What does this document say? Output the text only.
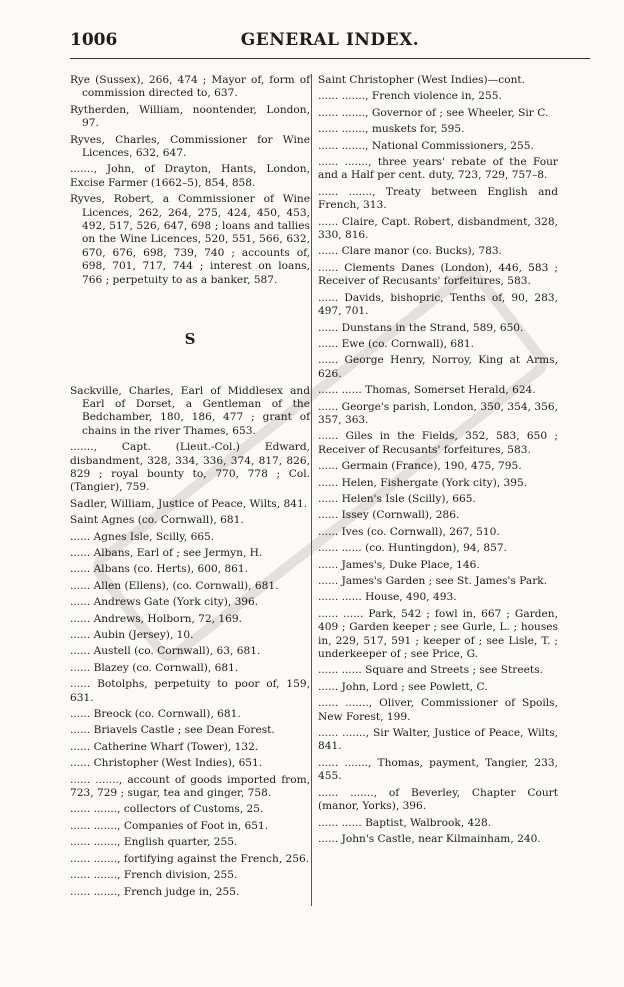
1006	GENERAL INDEX.
Rye (Sussex), 266, 474 ; Mayor of, form of commission directed to, 637.
Rytherden, William, noontender, London, 97.
Ryves, Charles, Commissioner for Wine Licences, 632, 647.
......., John, of Drayton, Hants, London, Excise Farmer (1662–5), 854, 858.
Ryves, Robert, a Commissioner of Wine Licences, 262, 264, 275, 424, 450, 453, 492, 517, 526, 647, 698 ; loans and tallies on the Wine Licences, 520, 551, 566, 632, 670, 676, 698, 739, 740 ; accounts of, 698, 701, 717, 744 ; interest on loans, 766 ; perpetuity to as a banker, 587.
S
Sackville, Charles, Earl of Middlesex and Earl of Dorset, a Gentleman of the Bedchamber, 180, 186, 477 ; grant of chains in the river Thames, 653.
......., Capt. (Lieut.-Col.) Edward, disbandment, 328, 334, 336, 374, 817, 826, 829 ; royal bounty to, 770, 778 ; Col. (Tangier), 759.
Sadler, William, Justice of Peace, Wilts, 841.
Saint Agnes (co. Cornwall), 681.
...... Agnes Isle, Scilly, 665.
...... Albans, Earl of ; see Jermyn, H.
...... Albans (co. Herts), 600, 861.
...... Allen (Ellens), (co. Cornwall), 681.
...... Andrews Gate (York city), 396.
...... Andrews, Holborn, 72, 169.
...... Aubin (Jersey), 10.
...... Austell (co. Cornwall), 63, 681.
...... Blazey (co. Cornwall), 681.
...... Botolphs, perpetuity to poor of, 159, 631.
...... Breock (co. Cornwall), 681.
...... Briavels Castle ; see Dean Forest.
...... Catherine Wharf (Tower), 132.
...... Christopher (West Indies), 651.
...... ......., account of goods imported from, 723, 729 ; sugar, tea and ginger, 758.
...... ......., collectors of Customs, 25.
...... ......., Companies of Foot in, 651.
...... ......., English quarter, 255.
...... ......., fortifying against the French, 256.
...... ......., French division, 255.
...... ......., French judge in, 255.
Saint Christopher (West Indies)—cont.
...... ......., French violence in, 255.
...... ......., Governor of ; see Wheeler, Sir C.
...... ......., muskets for, 595.
...... ......., National Commissioners, 255.
...... ......., three years' rebate of the Four and a Half per cent. duty, 723, 729, 757–8.
...... ......., Treaty between English and French, 313.
...... Claire, Capt. Robert, disbandment, 328, 330, 816.
...... Clare manor (co. Bucks), 783.
...... Clements Danes (London), 446, 583 ; Receiver of Recusants' forfeitures, 583.
...... Davids, bishopric, Tenths of, 90, 283, 497, 701.
...... Dunstans in the Strand, 589, 650.
...... Ewe (co. Cornwall), 681.
...... George Henry, Norroy, King at Arms, 626.
...... ...... Thomas, Somerset Herald, 624.
...... George's parish, London, 350, 354, 356, 357, 363.
...... Giles in the Fields, 352, 583, 650 ; Receiver of Recusants' forfeitures, 583.
...... Germain (France), 190, 475, 795.
...... Helen, Fishergate (York city), 395.
...... Helen's Isle (Scilly), 665.
...... Issey (Cornwall), 286.
...... Ives (co. Cornwall), 267, 510.
...... ...... (co. Huntingdon), 94, 857.
...... James's, Duke Place, 146.
...... James's Garden ; see St. James's Park.
...... ...... House, 490, 493.
...... ...... Park, 542 ; fowl in, 667 ; Garden, 409 ; Garden keeper ; see Gurle, L. ; houses in, 229, 517, 591 ; keeper of ; see Lisle, T. ; underkeeper of ; see Price, G.
...... ...... Square and Streets ; see Streets.
...... John, Lord ; see Powlett, C.
...... ......., Oliver, Commissioner of Spoils, New Forest, 199.
...... ......., Sir Walter, Justice of Peace, Wilts, 841.
...... ......., Thomas, payment, Tangier, 233, 455.
...... ......., of Beverley, Chapter Court (manor, Yorks), 396.
...... ...... Baptist, Walbrook, 428.
...... John's Castle, near Kilmainham, 240.
